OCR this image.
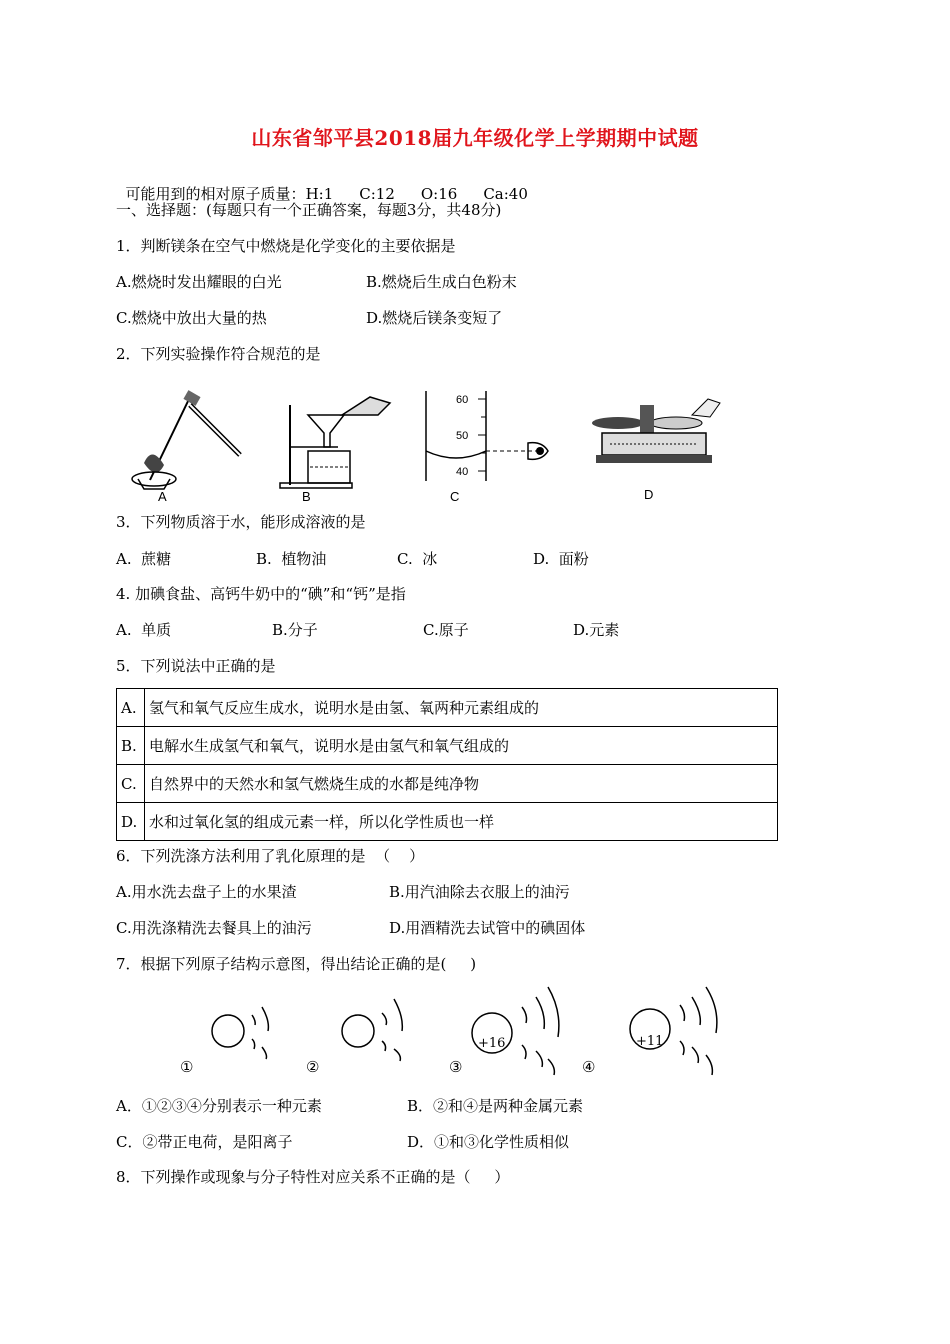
山东省邹平县2018届九年级化学上学期期中试题

可能用到的相对原子质量：H:1 C:12 O:16 Ca:40

一、选择题：(每题只有一个正确答案，每题3分，共48分)
1．判断镁条在空气中燃烧是化学变化的主要依据是
A.燃烧时发出耀眼的白光	B.燃烧后生成白色粉末
C.燃烧中放出大量的热	D.燃烧后镁条变短了
2．下列实验操作符合规范的是
A	B
60
50
40
C	D
3．下列物质溶于水，能形成溶液的是
A.  蔗糖	B.  植物油	C.  冰	D.  面粉
4. 加碘食盐、高钙牛奶中的“碘”和“钙”是指
A.  单质	B.分子	C.原子	D.元素
5．下列说法中正确的是
A.	氢气和氧气反应生成水，说明水是由氢、氧两种元素组成的
B.	电解水生成氢气和氧气，说明水是由氢气和氧气组成的
C.	自然界中的天然水和氢气燃烧生成的水都是纯净物
D.	水和过氧化氢的组成元素一样，所以化学性质也一样
6．下列洗涤方法利用了乳化原理的是  （    ）
A.用水洗去盘子上的水果渣	B.用汽油除去衣服上的油污
C.用洗涤精洗去餐具上的油污	D.用酒精洗去试管中的碘固体
7．根据下列原子结构示意图，得出结论正确的是(     )
+16	+11
①	②	③	④
A．①②③④分别表示一种元素	B．②和④是两种金属元素
C．②带正电荷，是阳离子	D．①和③化学性质相似
8．下列操作或现象与分子特性对应关系不正确的是（     ）
